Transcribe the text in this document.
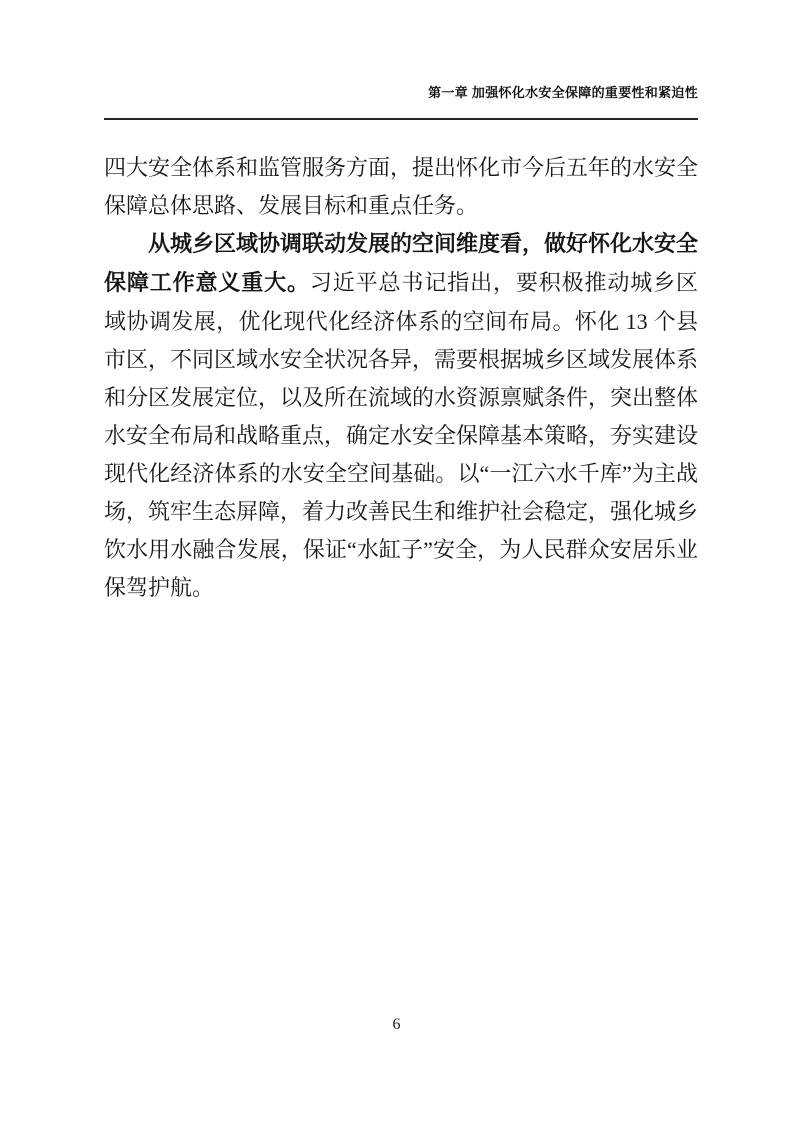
第一章 加强怀化水安全保障的重要性和紧迫性

四大安全体系和监管服务方面，提出怀化市今后五年的水安全保障总体思路、发展目标和重点任务。

从城乡区域协调联动发展的空间维度看，做好怀化水安全保障工作意义重大。习近平总书记指出，要积极推动城乡区域协调发展，优化现代化经济体系的空间布局。怀化 13 个县市区，不同区域水安全状况各异，需要根据城乡区域发展体系和分区发展定位，以及所在流域的水资源禀赋条件，突出整体水安全布局和战略重点，确定水安全保障基本策略，夯实建设现代化经济体系的水安全空间基础。以“一江六水千库”为主战场，筑牢生态屏障，着力改善民生和维护社会稳定，强化城乡饮水用水融合发展，保证“水缸子”安全，为人民群众安居乐业保驾护航。

6
